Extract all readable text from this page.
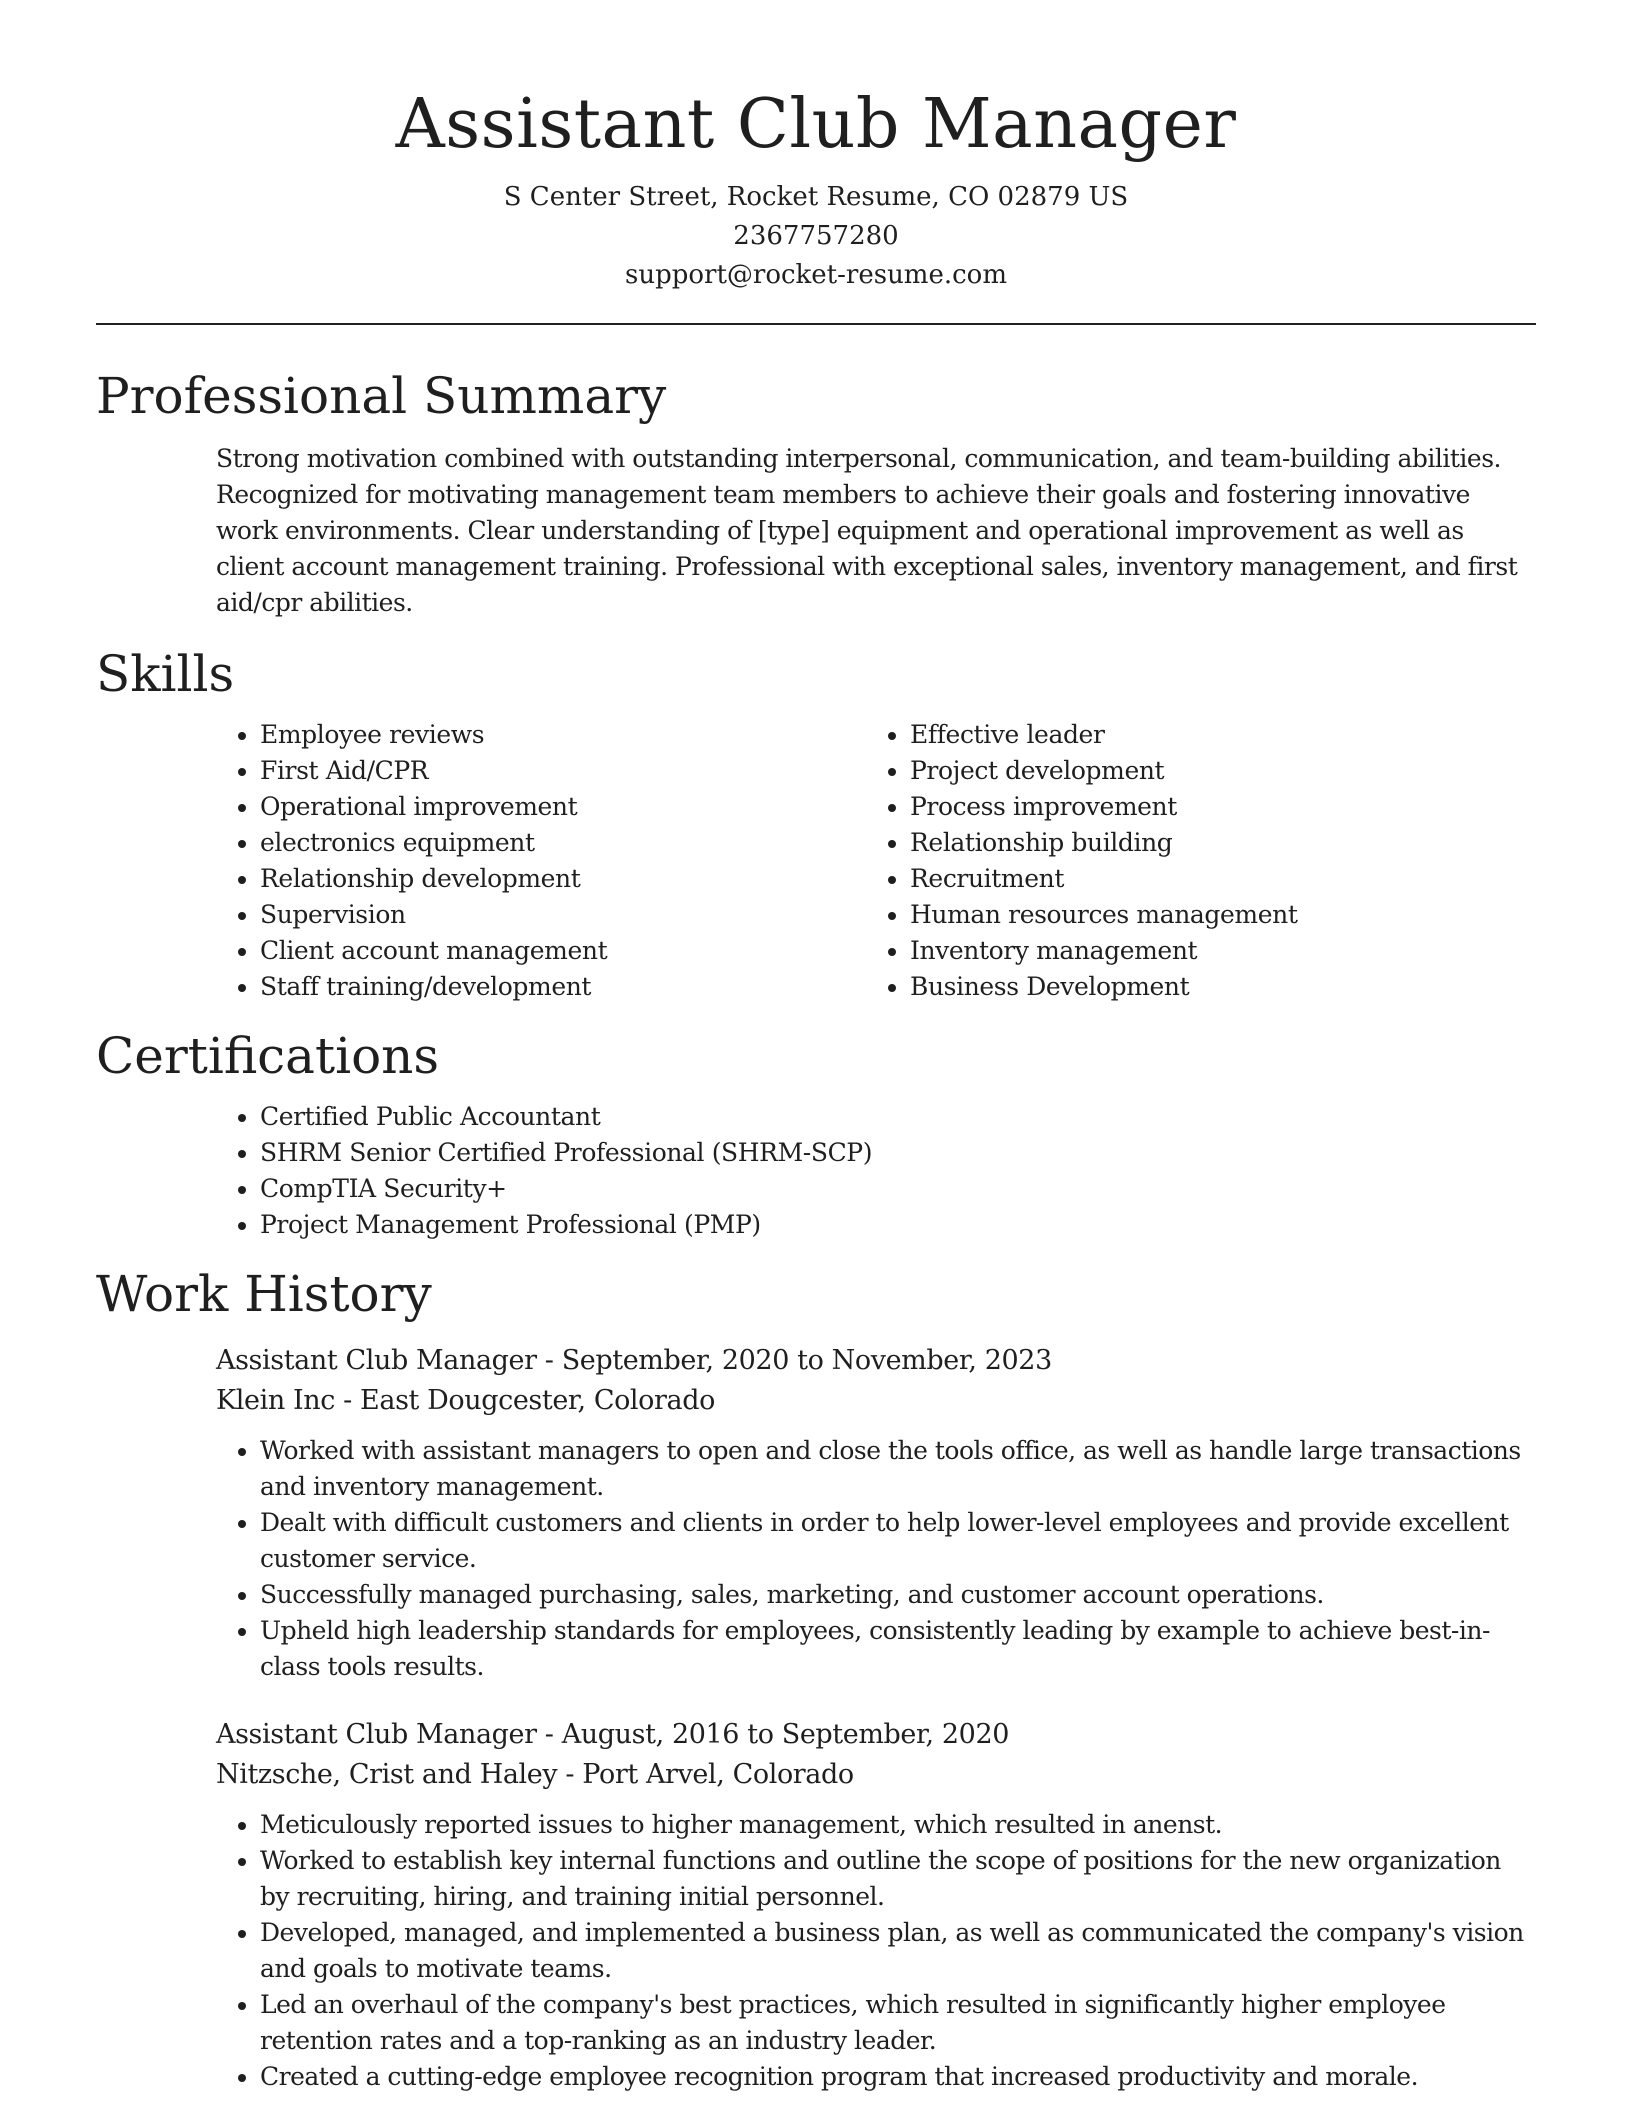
Assistant Club Manager
S Center Street, Rocket Resume, CO 02879 US
2367757280
support@rocket-resume.com
Professional Summary

Strong motivation combined with outstanding interpersonal, communication, and team-building abilities. Recognized for motivating management team members to achieve their goals and fostering innovative work environments. Clear understanding of [type] equipment and operational improvement as well as client account management training. Professional with exceptional sales, inventory management, and first aid/cpr abilities.

Skills
• Employee reviews
• First Aid/CPR
• Operational improvement
• electronics equipment
• Relationship development
• Supervision
• Client account management
• Staff training/development
• Effective leader
• Project development
• Process improvement
• Relationship building
• Recruitment
• Human resources management
• Inventory management
• Business Development
Certifications
• Certified Public Accountant
• SHRM Senior Certified Professional (SHRM-SCP)
• CompTIA Security+
• Project Management Professional (PMP)
Work History
Assistant Club Manager - September, 2020 to November, 2023
Klein Inc - East Dougcester, Colorado
• Worked with assistant managers to open and close the tools office, as well as handle large transactions and inventory management.
• Dealt with difficult customers and clients in order to help lower-level employees and provide excellent customer service.
• Successfully managed purchasing, sales, marketing, and customer account operations.
• Upheld high leadership standards for employees, consistently leading by example to achieve best-in-class tools results.
Assistant Club Manager - August, 2016 to September, 2020
Nitzsche, Crist and Haley - Port Arvel, Colorado
• Meticulously reported issues to higher management, which resulted in anenst.
• Worked to establish key internal functions and outline the scope of positions for the new organization by recruiting, hiring, and training initial personnel.
• Developed, managed, and implemented a business plan, as well as communicated the company's vision and goals to motivate teams.
• Led an overhaul of the company's best practices, which resulted in significantly higher employee retention rates and a top-ranking as an industry leader.
• Created a cutting-edge employee recognition program that increased productivity and morale.
